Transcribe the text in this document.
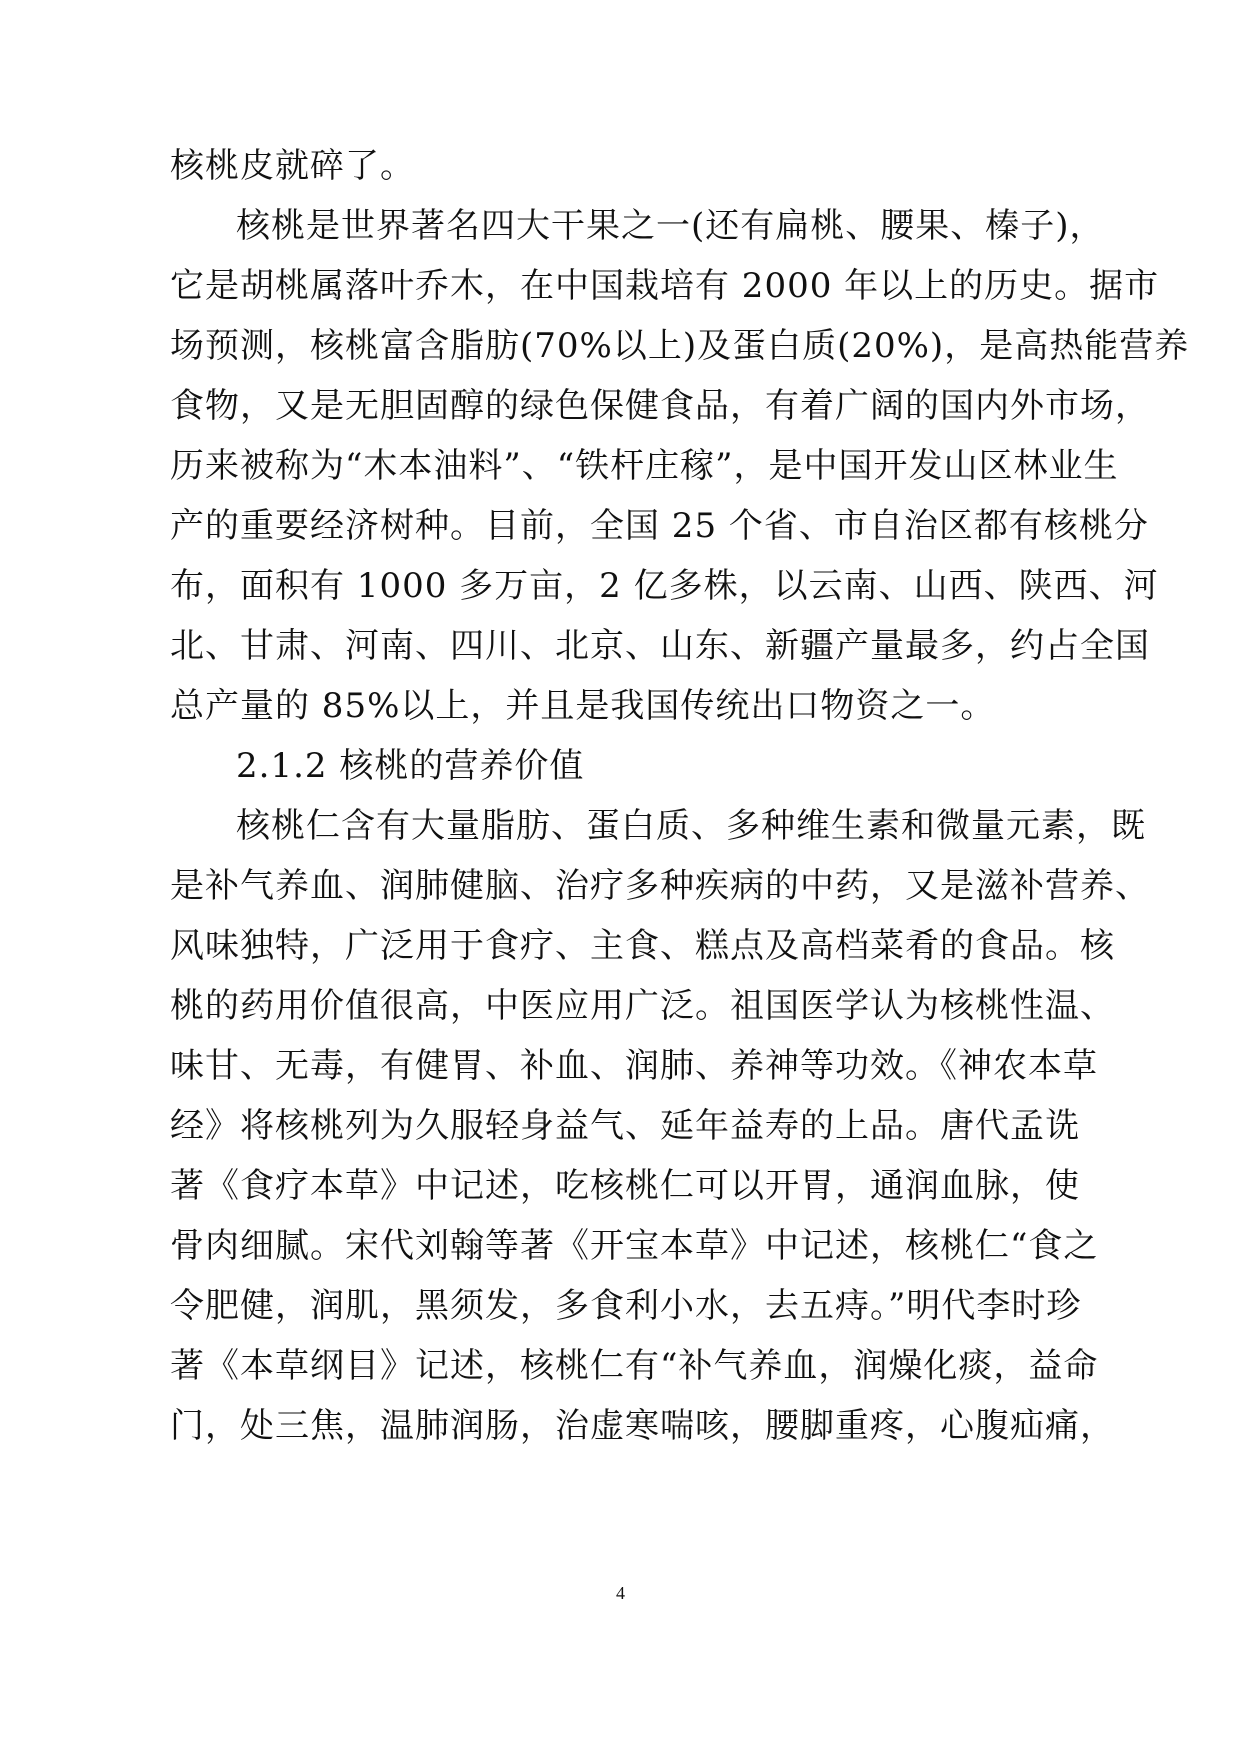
核桃皮就碎了。
核桃是世界著名四大干果之一(还有扁桃、腰果、榛子)，
它是胡桃属落叶乔木，在中国栽培有 2000 年以上的历史。据市
场预测，核桃富含脂肪(70%以上)及蛋白质(20%)，是高热能营养
食物，又是无胆固醇的绿色保健食品，有着广阔的国内外市场，
历来被称为“木本油料”、“铁杆庄稼”，是中国开发山区林业生
产的重要经济树种。目前，全国 25 个省、市自治区都有核桃分
布，面积有 1000 多万亩，2 亿多株，以云南、山西、陕西、河
北、甘肃、河南、四川、北京、山东、新疆产量最多，约占全国
总产量的 85%以上，并且是我国传统出口物资之一。
2.1.2 核桃的营养价值
核桃仁含有大量脂肪、蛋白质、多种维生素和微量元素，既
是补气养血、润肺健脑、治疗多种疾病的中药，又是滋补营养、
风味独特，广泛用于食疗、主食、糕点及高档菜肴的食品。核
桃的药用价值很高，中医应用广泛。祖国医学认为核桃性温、
味甘、无毒，有健胃、补血、润肺、养神等功效。《神农本草
经》将核桃列为久服轻身益气、延年益寿的上品。唐代孟诜
著《食疗本草》中记述，吃核桃仁可以开胃，通润血脉，使
骨肉细腻。宋代刘翰等著《开宝本草》中记述，核桃仁“食之
令肥健，润肌，黑须发，多食利小水，去五痔。”明代李时珍
著《本草纲目》记述，核桃仁有“补气养血，润燥化痰，益命
门，处三焦，温肺润肠，治虚寒喘咳，腰脚重疼，心腹疝痛，
4
